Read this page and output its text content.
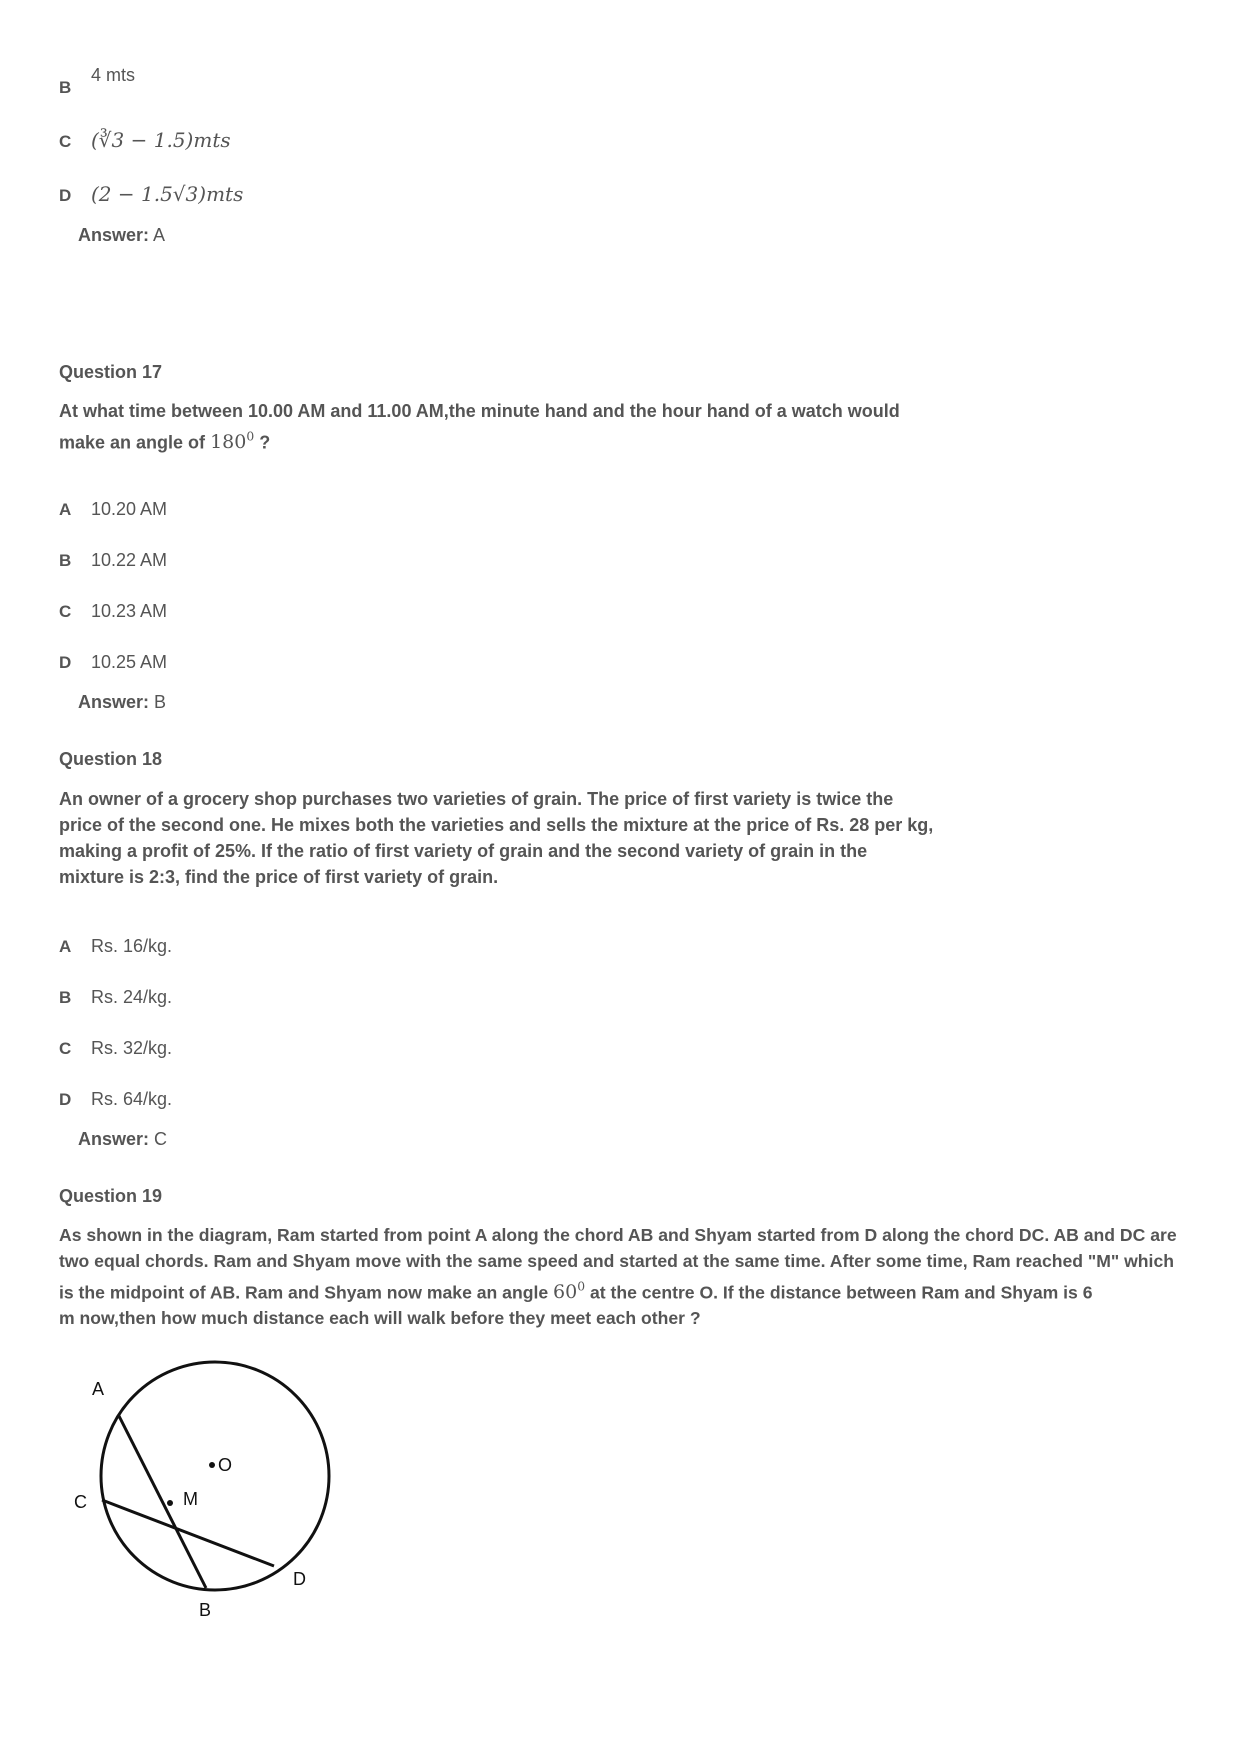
B
4 mts
C (∛3 − 1.5)mts
D (2 − 1.5√3)mts
Answer: A
Question 17
At what time between 10.00 AM and 11.00 AM,the minute hand and the hour hand of a watch would
make an angle of $180^0$ ?
A 10.20 AM
B 10.22 AM
C 10.23 AM
D 10.25 AM
Answer: B
Question 18
An owner of a grocery shop purchases two varieties of grain. The price of first variety is twice the
price of the second one. He mixes both the varieties and sells the mixture at the price of Rs. 28 per kg,
making a profit of 25%. If the ratio of first variety of grain and the second variety of grain in the
mixture is 2:3, find the price of first variety of grain.
A Rs. 16/kg.
B Rs. 24/kg.
C Rs. 32/kg.
D Rs. 64/kg.
Answer: C
Question 19
As shown in the diagram, Ram started from point A along the chord AB and Shyam started from D along the chord DC. AB and DC are
two equal chords. Ram and Shyam move with the same speed and started at the same time. After some time, Ram reached "M" which
is the midpoint of AB. Ram and Shyam now make an angle $60^0$ at the centre O. If the distance between Ram and Shyam is 6
m now,then how much distance each will walk before they meet each other ?
A
C	M
O
D
B
